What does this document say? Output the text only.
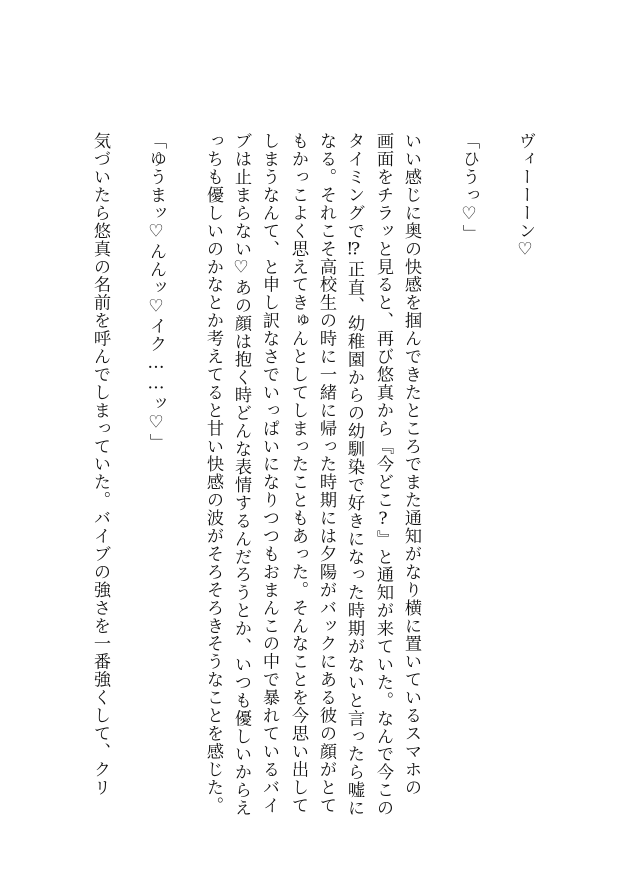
ヴィーーーン♡
「ひうっ♡」
いい感じに奥の快感を掴んできたところでまた通知がなり横に置いているスマホの
画面をチラッと見ると、再び悠真から『今どこ?』と通知が来ていた。なんで今この
タイミングで⁉正直、幼稚園からの幼馴染で好きになった時期がないと言ったら嘘に
なる。それこそ高校生の時に一緒に帰った時期には夕陽がバックにある彼の顔がとて
もかっこよく思えてきゅんとしてしまったこともあった。そんなことを今思い出して
しまうなんて、と申し訳なさでいっぱいになりつつもおまんこの中で暴れているバイ
ブは止まらない♡あの顔は抱く時どんな表情するんだろうとか、いつも優しいからえ
っちも優しいのかなとか考えてると甘い快感の波がそろそろきそうなことを感じた。
「ゆうまッ♡んんッ♡イク……ッ♡」
気づいたら悠真の名前を呼んでしまっていた。バイブの強さを一番強くして、クリ
